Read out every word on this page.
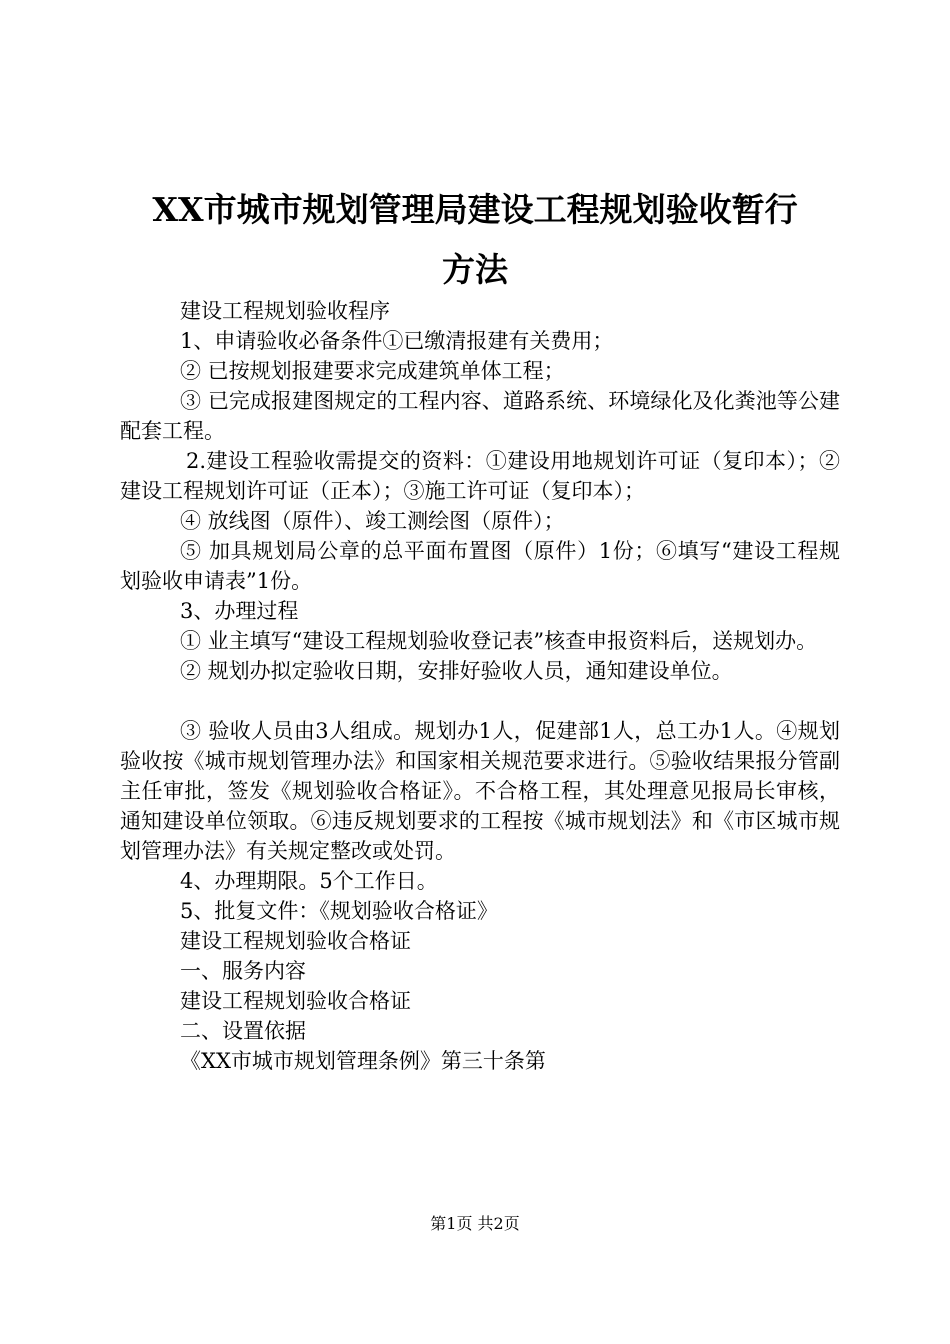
XX市城市规划管理局建设工程规划验收暂行
方法

建设工程规划验收程序

1、申请验收必备条件①已缴清报建有关费用；

② 已按规划报建要求完成建筑单体工程；

③ 已完成报建图规定的工程内容、道路系统、环境绿化及化粪池等公建配套工程。

2.建设工程验收需提交的资料：①建设用地规划许可证（复印本）；②建设工程规划许可证（正本）；③施工许可证（复印本）；

④ 放线图（原件）、竣工测绘图（原件）；

⑤ 加具规划局公章的总平面布置图（原件）1份；⑥填写“建设工程规划验收申请表”1份。

3、办理过程

① 业主填写“建设工程规划验收登记表”核查申报资料后，送规划办。

② 规划办拟定验收日期，安排好验收人员，通知建设单位。

③ 验收人员由3人组成。规划办1人，促建部1人，总工办1人。④规划验收按《城市规划管理办法》和国家相关规范要求进行。⑤验收结果报分管副主任审批，签发《规划验收合格证》。不合格工程，其处理意见报局长审核，通知建设单位领取。⑥违反规划要求的工程按《城市规划法》和《市区城市规划管理办法》有关规定整改或处罚。

4、办理期限。5个工作日。

5、批复文件：《规划验收合格证》

建设工程规划验收合格证

一、服务内容

建设工程规划验收合格证

二、设置依据

《XX市城市规划管理条例》第三十条第

第1页 共2页
